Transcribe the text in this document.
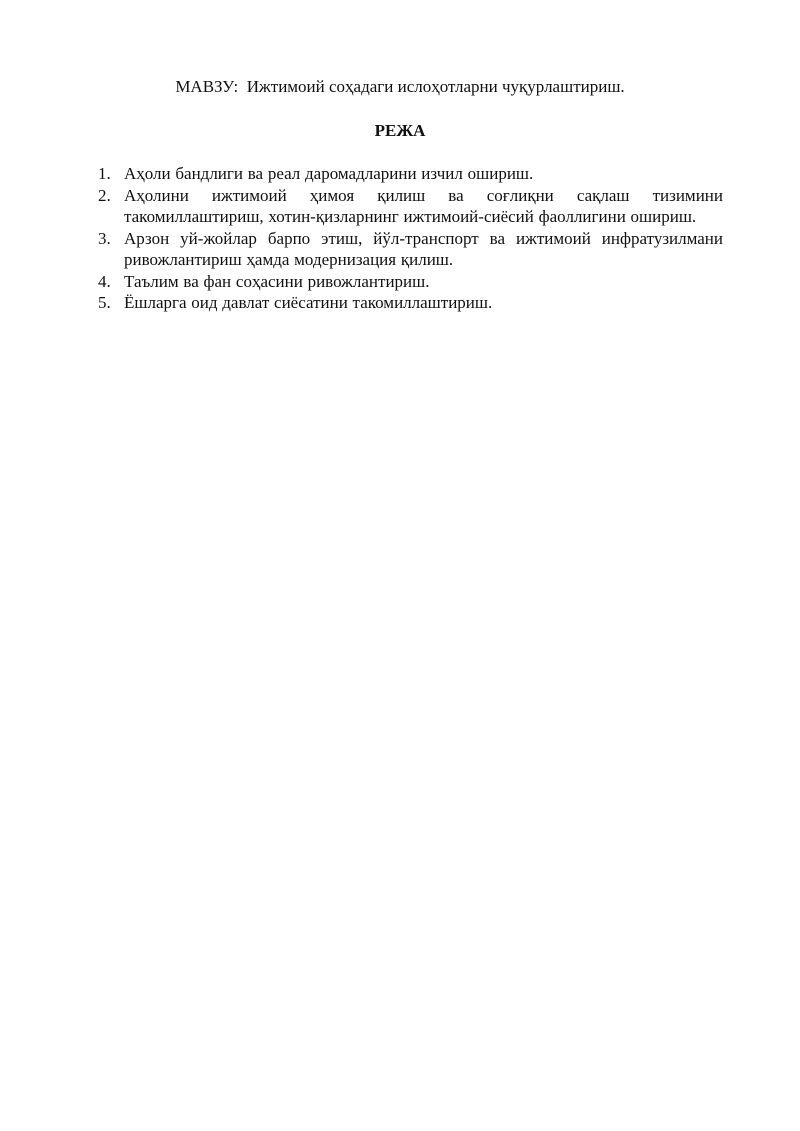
МАВЗУ:  Ижтимоий соҳадаги ислоҳотларни чуқурлаштириш.
РЕЖА
1. Аҳоли бандлиги ва реал даромадларини изчил ошириш.
2. Аҳолини ижтимоий ҳимоя қилиш ва соғлиқни сақлаш тизимини такомиллаштириш, хотин-қизларнинг ижтимоий-сиёсий фаоллигини ошириш.
3. Арзон уй-жойлар барпо этиш, йўл-транспорт ва ижтимоий инфратузилмани ривожлантириш ҳамда модернизация қилиш.
4. Таълим ва фан соҳасини ривожлантириш.
5. Ёшларга оид давлат сиёсатини такомиллаштириш.
